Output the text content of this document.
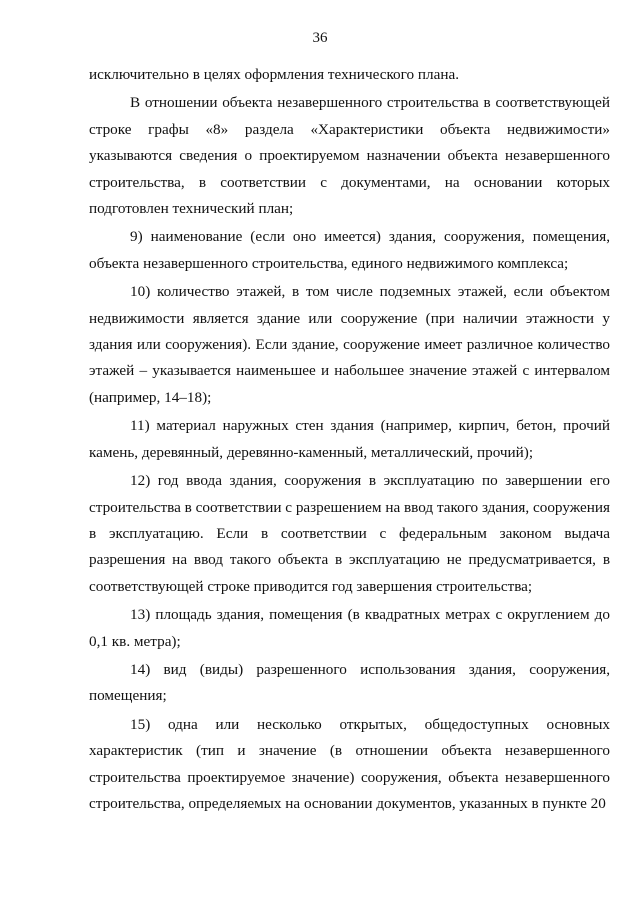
36

исключительно в целях оформления технического плана.

В отношении объекта незавершенного строительства в соответствующей строке графы «8» раздела «Характеристики объекта недвижимости» указываются сведения о проектируемом назначении объекта незавершенного строительства, в соответствии с документами, на основании которых подготовлен технический план;

9) наименование (если оно имеется) здания, сооружения, помещения, объекта незавершенного строительства, единого недвижимого комплекса;

10) количество этажей, в том числе подземных этажей, если объектом недвижимости является здание или сооружение (при наличии этажности у здания или сооружения). Если здание, сооружение имеет различное количество этажей – указывается наименьшее и набольшее значение этажей с интервалом (например, 14–18);

11) материал наружных стен здания (например, кирпич, бетон, прочий камень, деревянный, деревянно-каменный, металлический, прочий);

12) год ввода здания, сооружения в эксплуатацию по завершении его строительства в соответствии с разрешением на ввод такого здания, сооружения в эксплуатацию. Если в соответствии с федеральным законом выдача разрешения на ввод такого объекта в эксплуатацию не предусматривается, в соответствующей строке приводится год завершения строительства;

13) площадь здания, помещения (в квадратных метрах с округлением до 0,1 кв. метра);

14) вид (виды) разрешенного использования здания, сооружения, помещения;

15) одна или несколько открытых, общедоступных основных характеристик (тип и значение (в отношении объекта незавершенного строительства проектируемое значение) сооружения, объекта незавершенного строительства, определяемых на основании документов, указанных в пункте 20
